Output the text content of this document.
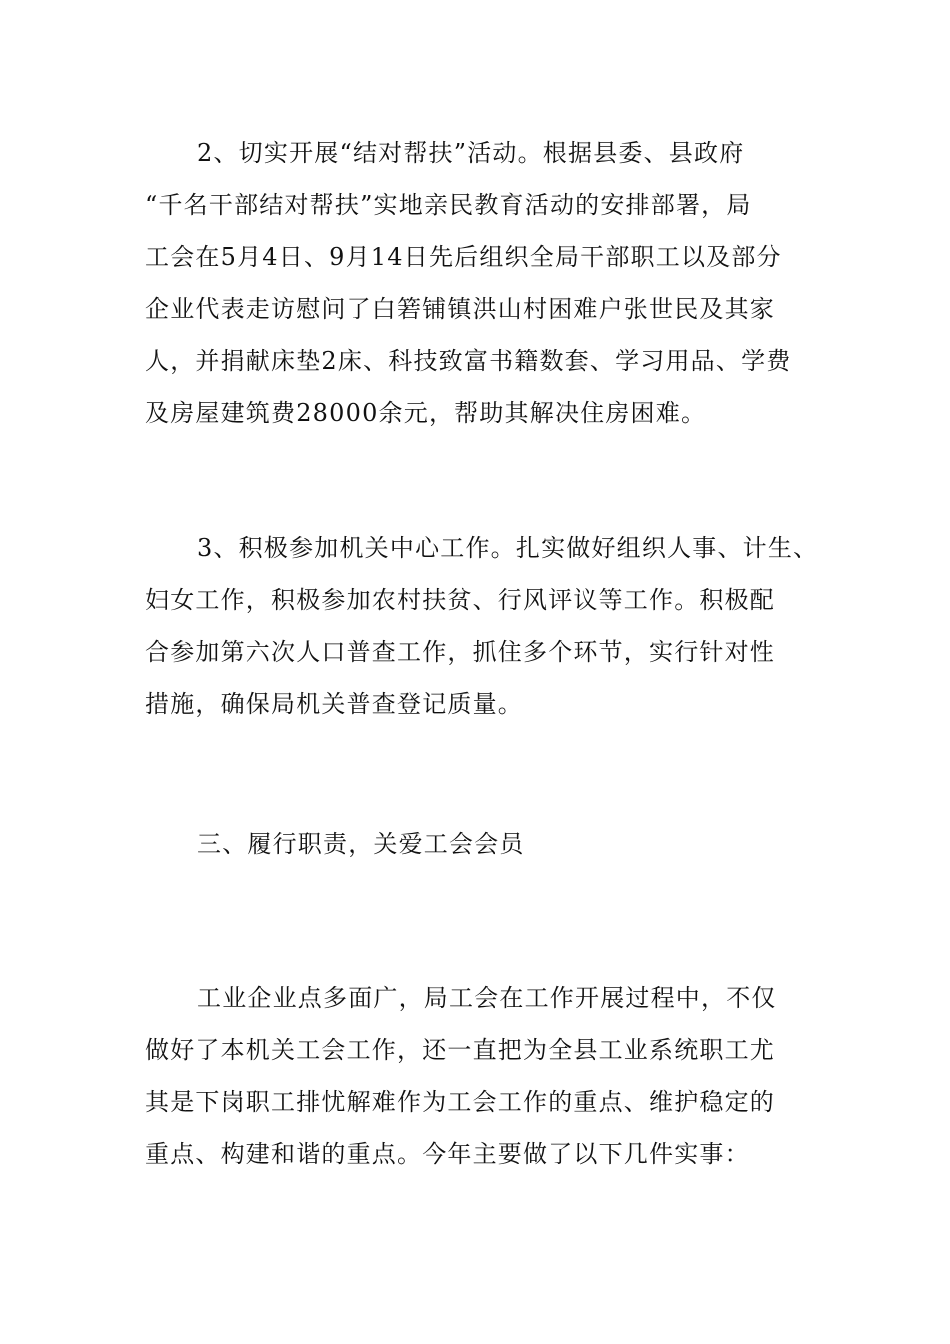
2、切实开展“结对帮扶”活动。根据县委、县政府
“千名干部结对帮扶”实地亲民教育活动的安排部署，局
工会在5月4日、9月14日先后组织全局干部职工以及部分
企业代表走访慰问了白箬铺镇洪山村困难户张世民及其家
人，并捐献床垫2床、科技致富书籍数套、学习用品、学费
及房屋建筑费28000余元，帮助其解决住房困难。
3、积极参加机关中心工作。扎实做好组织人事、计生、
妇女工作，积极参加农村扶贫、行风评议等工作。积极配
合参加第六次人口普查工作，抓住多个环节，实行针对性
措施，确保局机关普查登记质量。
三、履行职责，关爱工会会员
工业企业点多面广，局工会在工作开展过程中，不仅
做好了本机关工会工作，还一直把为全县工业系统职工尤
其是下岗职工排忧解难作为工会工作的重点、维护稳定的
重点、构建和谐的重点。今年主要做了以下几件实事：
